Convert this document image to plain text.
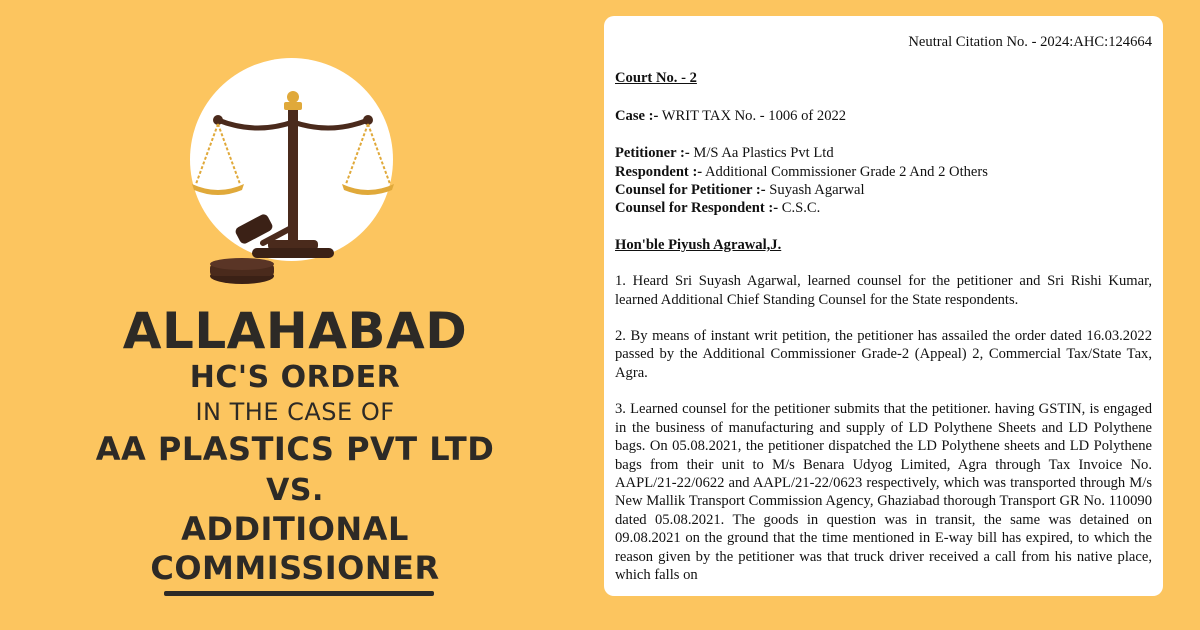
ALLAHABAD
HC'S ORDER
IN THE CASE OF
AA PLASTICS PVT LTD
VS.
ADDITIONAL
COMMISSIONER

Neutral Citation No. - 2024:AHC:124664

Court No. - 2

Case :- WRIT TAX No. - 1006 of 2022

Petitioner :- M/S Aa Plastics Pvt Ltd

Respondent :- Additional Commissioner Grade 2 And 2 Others

Counsel for Petitioner :- Suyash Agarwal

Counsel for Respondent :- C.S.C.

Hon'ble Piyush Agrawal,J.

1. Heard Sri Suyash Agarwal, learned counsel for the petitioner and Sri Rishi Kumar, learned Additional Chief Standing Counsel for the State respondents.

2. By means of instant writ petition, the petitioner has assailed the order dated 16.03.2022 passed by the Additional Commissioner Grade-2 (Appeal) 2, Commercial Tax/State Tax, Agra.

3. Learned counsel for the petitioner submits that the petitioner. having GSTIN, is engaged in the business of manufacturing and supply of LD Polythene Sheets and LD Polythene bags. On 05.08.2021, the petitioner dispatched the LD Polythene sheets and LD Polythene bags from their unit to M/s Benara Udyog Limited, Agra through Tax Invoice No. AAPL/21-22/0622 and AAPL/21-22/0623 respectively, which was transported through M/s New Mallik Transport Commission Agency, Ghaziabad thorough Transport GR No. 110090 dated 05.08.2021. The goods in question was in transit, the same was detained on 09.08.2021 on the ground that the time mentioned in E-way bill has expired, to which the reason given by the petitioner was that truck driver received a call from his native place, which falls on
